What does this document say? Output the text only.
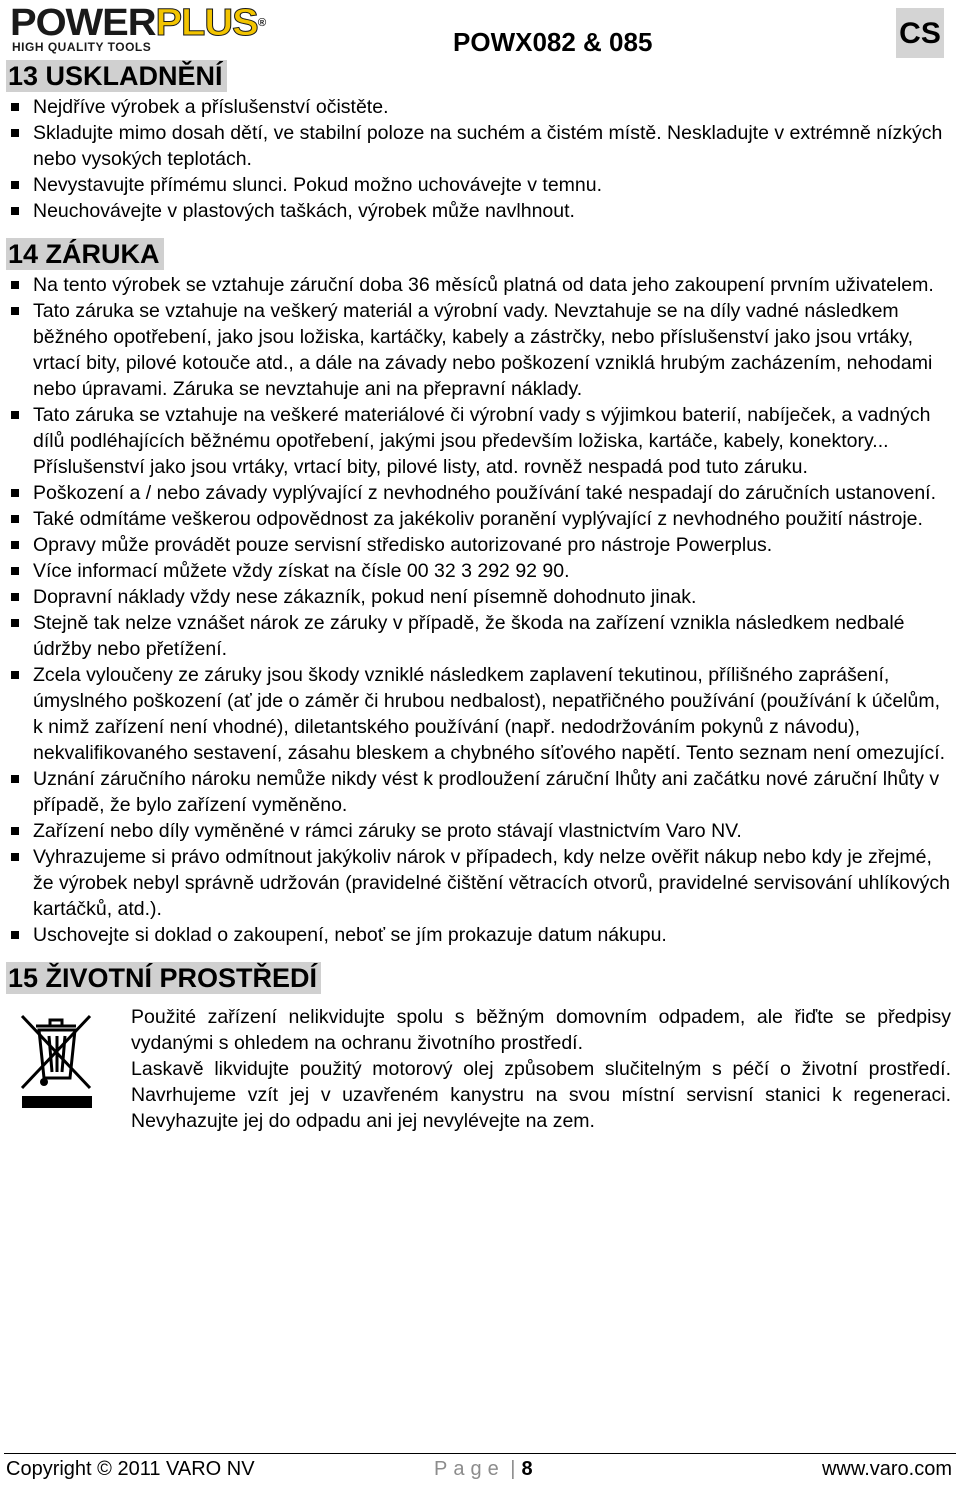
POWERPLUS®
HIGH QUALITY TOOLS	POWX082 & 085	CS
13 USKLADNĚNÍ
Nejdříve výrobek a příslušenství očistěte.
Skladujte mimo dosah dětí, ve stabilní poloze na suchém a čistém místě. Neskladujte v extrémně nízkých nebo vysokých teplotách.
Nevystavujte přímému slunci. Pokud možno uchovávejte v temnu.
Neuchovávejte v plastových taškách, výrobek může navlhnout.
14 ZÁRUKA
Na tento výrobek se vztahuje záruční doba 36 měsíců platná od data jeho zakoupení prvním uživatelem.
Tato záruka se vztahuje na veškerý materiál a výrobní vady. Nevztahuje se na díly vadné následkem běžného opotřebení, jako jsou ložiska, kartáčky, kabely a zástrčky, nebo příslušenství jako jsou vrtáky, vrtací bity, pilové kotouče atd., a dále na závady nebo poškození vzniklá hrubým zacházením, nehodami nebo úpravami. Záruka se nevztahuje ani na přepravní náklady.
Tato záruka se vztahuje na veškeré materiálové či výrobní vady s výjimkou baterií, nabíječek, a vadných dílů podléhajících běžnému opotřebení, jakými jsou především ložiska, kartáče, kabely, konektory... Příslušenství jako jsou vrtáky, vrtací bity, pilové listy, atd. rovněž nespadá pod tuto záruku.
Poškození a / nebo závady vyplývající z nevhodného používání také nespadají do záručních ustanovení.
Také odmítáme veškerou odpovědnost za jakékoliv poranění vyplývající z nevhodného použití nástroje.
Opravy může provádět pouze servisní středisko autorizované pro nástroje Powerplus.
Více informací můžete vždy získat na čísle 00 32 3 292 92 90.
Dopravní náklady vždy nese zákazník, pokud není písemně dohodnuto jinak.
Stejně tak nelze vznášet nárok ze záruky v případě, že škoda na zařízení vznikla následkem nedbalé údržby nebo přetížení.
Zcela vyloučeny ze záruky jsou škody vzniklé následkem zaplavení tekutinou, přílišného zaprášení, úmyslného poškození (ať jde o záměr či hrubou nedbalost), nepatřičného používání (používání k účelům, k nimž zařízení není vhodné), diletantského používání (např. nedodržováním pokynů z návodu), nekvalifikovaného sestavení, zásahu bleskem a chybného síťového napětí. Tento seznam není omezující.
Uznání záručního nároku nemůže nikdy vést k prodloužení záruční lhůty ani začátku nové záruční lhůty v případě, že bylo zařízení vyměněno.
Zařízení nebo díly vyměněné v rámci záruky se proto stávají vlastnictvím Varo NV.
Vyhrazujeme si právo odmítnout jakýkoliv nárok v případech, kdy nelze ověřit nákup nebo kdy je zřejmé, že výrobek nebyl správně udržován (pravidelné čištění větracích otvorů, pravidelné servisování uhlíkových kartáčků, atd.).
Uschovejte si doklad o zakoupení, neboť se jím prokazuje datum nákupu.
15 ŽIVOTNÍ PROSTŘEDÍ

Použité zařízení nelikvidujte spolu s běžným domovním odpadem, ale řiďte se předpisy vydanými s ohledem na ochranu životního prostředí.

Laskavě likvidujte použitý motorový olej způsobem slučitelným s péčí o životní prostředí. Navrhujeme vzít jej v uzavřeném kanystru na svou místní servisní stanici k regeneraci. Nevyhazujte jej do odpadu ani jej nevylévejte na zem.

Copyright © 2011 VARO NV	Page | 8	www.varo.com
